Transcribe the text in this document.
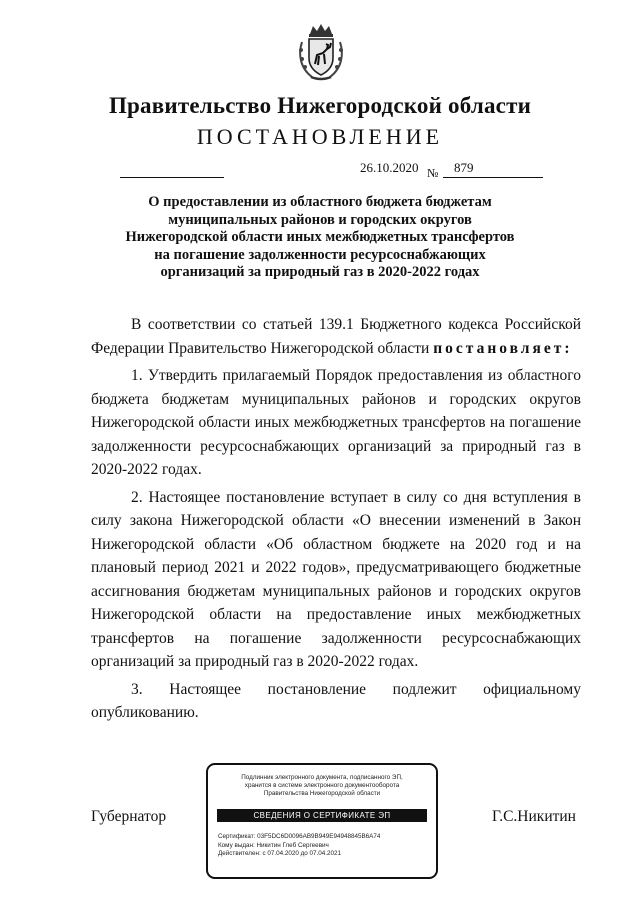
Правительство Нижегородской области
ПОСТАНОВЛЕНИЕ
26.10.2020 № 879
О предоставлении из областного бюджета бюджетам
муниципальных районов и городских округов
Нижегородской области иных межбюджетных трансфертов
на погашение задолженности ресурсоснабжающих
организаций за природный газ в 2020-2022 годах

В соответствии со статьей 139.1 Бюджетного кодекса Российской Федерации Правительство Нижегородской области постановляет:

1. Утвердить прилагаемый Порядок предоставления из областного бюджета бюджетам муниципальных районов и городских округов Нижегородской области иных межбюджетных трансфертов на погашение задолженности ресурсоснабжающих организаций за природный газ в 2020-2022 годах.

2. Настоящее постановление вступает в силу со дня вступления в силу закона Нижегородской области «О внесении изменений в Закон Нижегородской области «Об областном бюджете на 2020 год и на плановый период 2021 и 2022 годов», предусматривающего бюджетные ассигнования бюджетам муниципальных районов и городских округов Нижегородской области на предоставление иных межбюджетных трансфертов на погашение задолженности ресурсоснабжающих организаций за природный газ в 2020-2022 годах.

3. Настоящее постановление подлежит официальному опубликованию.

Губернатор	Г.С.Никитин
Подлинник электронного документа, подписанного ЭП,
хранится в системе электронного документооборота
Правительства Нижегородской области
СВЕДЕНИЯ О СЕРТИФИКАТЕ ЭП
Сертификат: 03F5DC6D0096AB9B949E94948845B6A74
Кому выдан: Никитин Глеб Сергеевич
Действителен: с 07.04.2020 до 07.04.2021
